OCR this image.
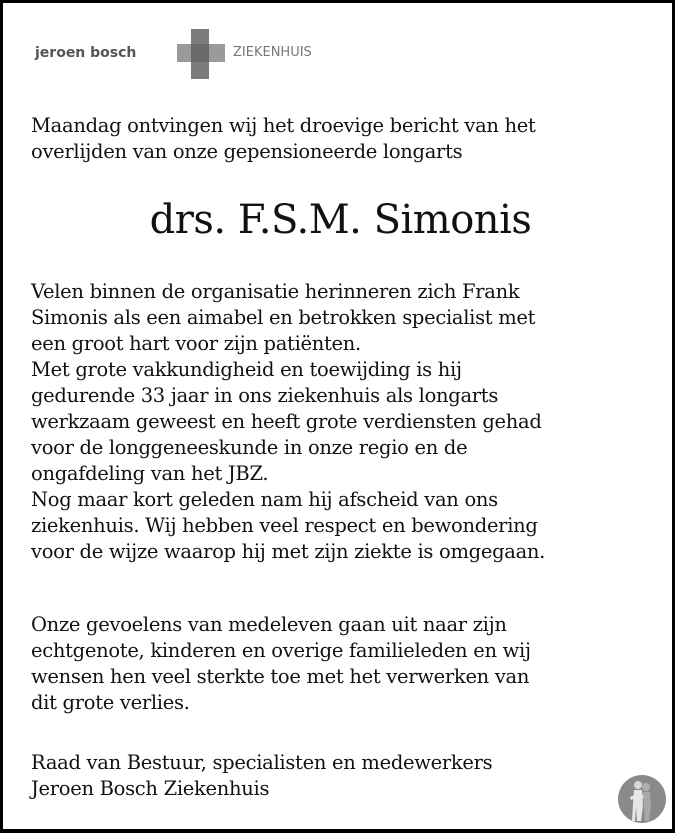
jeroen bosch	ZIEKENHUIS
Maandag ontvingen wij het droevige bericht van het
overlijden van onze gepensioneerde longarts
drs. F.S.M. Simonis
Velen binnen de organisatie herinneren zich Frank
Simonis als een aimabel en betrokken specialist met
een groot hart voor zijn patiënten.
Met grote vakkundigheid en toewijding is hij
gedurende 33 jaar in ons ziekenhuis als longarts
werkzaam geweest en heeft grote verdiensten gehad
voor de longgeneeskunde in onze regio en de
ongafdeling van het JBZ.
Nog maar kort geleden nam hij afscheid van ons
ziekenhuis. Wij hebben veel respect en bewondering
voor de wijze waarop hij met zijn ziekte is omgegaan.
Onze gevoelens van medeleven gaan uit naar zijn
echtgenote, kinderen en overige familieleden en wij
wensen hen veel sterkte toe met het verwerken van
dit grote verlies.
Raad van Bestuur, specialisten en medewerkers
Jeroen Bosch Ziekenhuis
